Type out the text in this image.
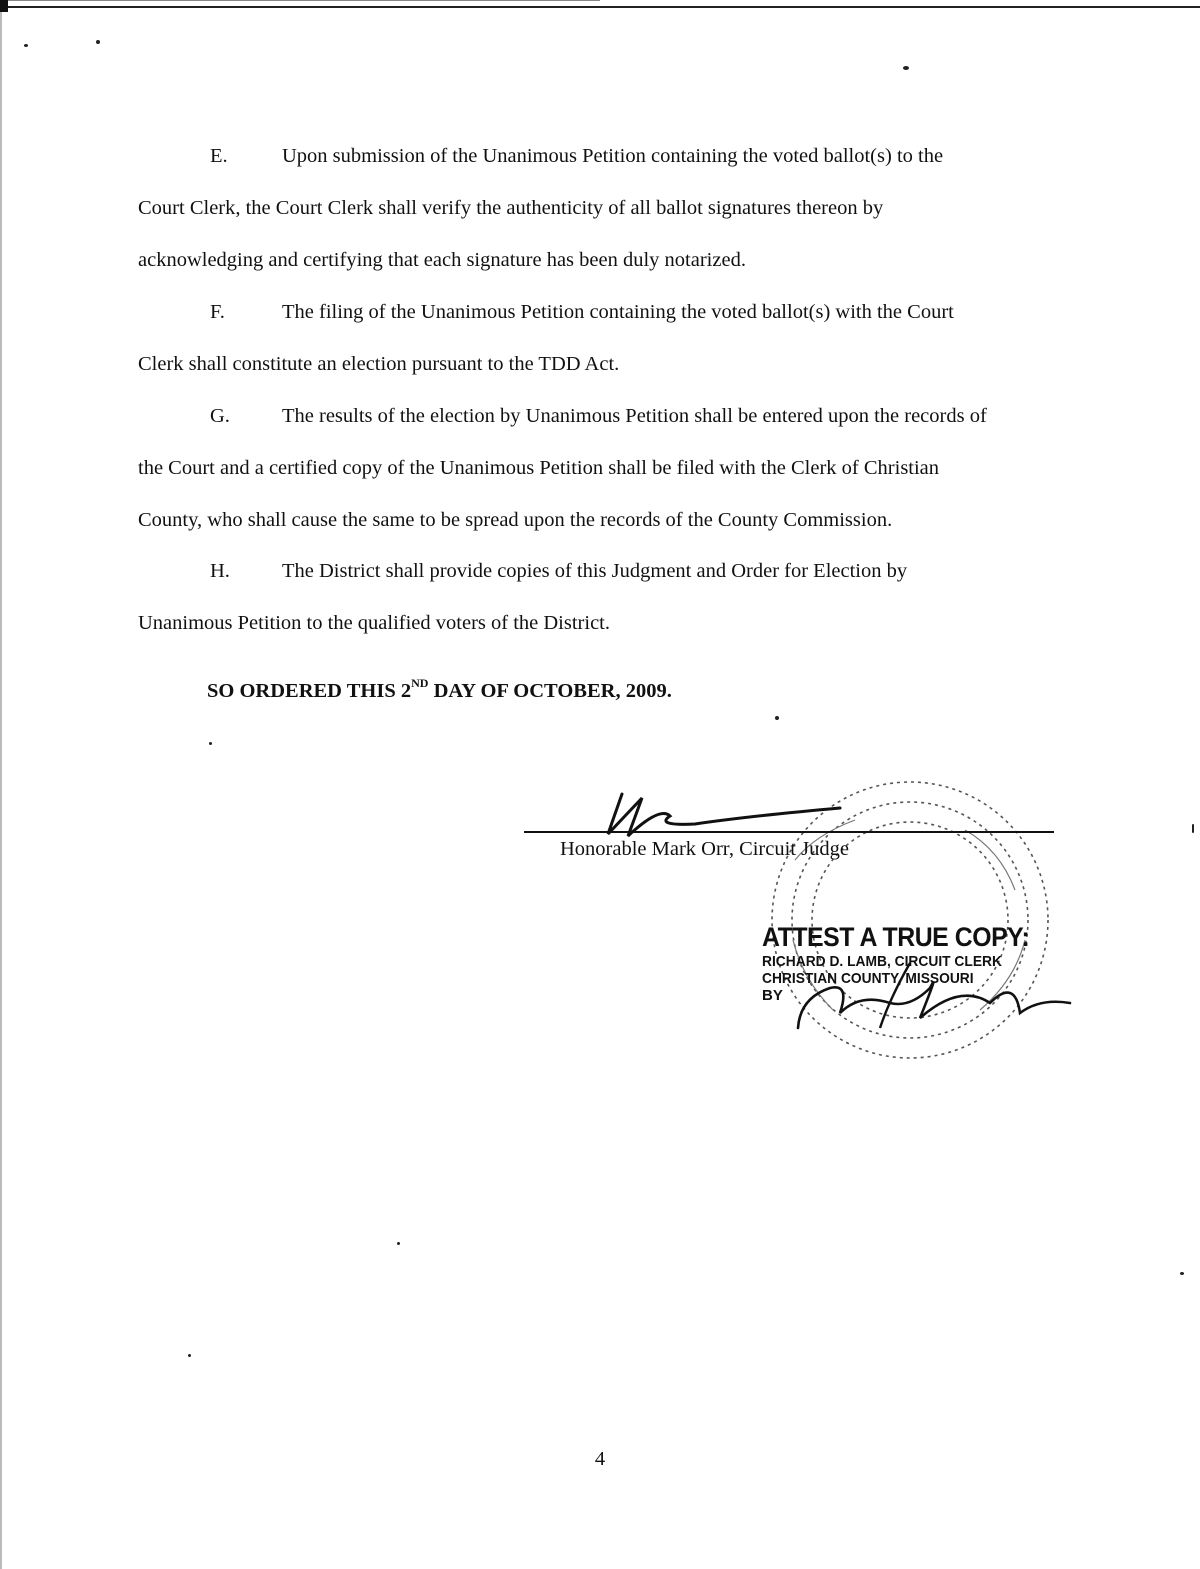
E.	Upon submission of the Unanimous Petition containing the voted ballot(s) to the
Court Clerk, the Court Clerk shall verify the authenticity of all ballot signatures thereon by
acknowledging and certifying that each signature has been duly notarized.
F.	The filing of the Unanimous Petition containing the voted ballot(s) with the Court
Clerk shall constitute an election pursuant to the TDD Act.
G.	The results of the election by Unanimous Petition shall be entered upon the records of
the Court and a certified copy of the Unanimous Petition shall be filed with the Clerk of Christian
County, who shall cause the same to be spread upon the records of the County Commission.
H.	The District shall provide copies of this Judgment and Order for Election by
Unanimous Petition to the qualified voters of the District.
SO ORDERED THIS 2ND DAY OF OCTOBER, 2009.
Honorable Mark Orr, Circuit Judge
ATTEST A TRUE COPY:
RICHARD D. LAMB, CIRCUIT CLERK
CHRISTIAN COUNTY, MISSOURI
BY
4
